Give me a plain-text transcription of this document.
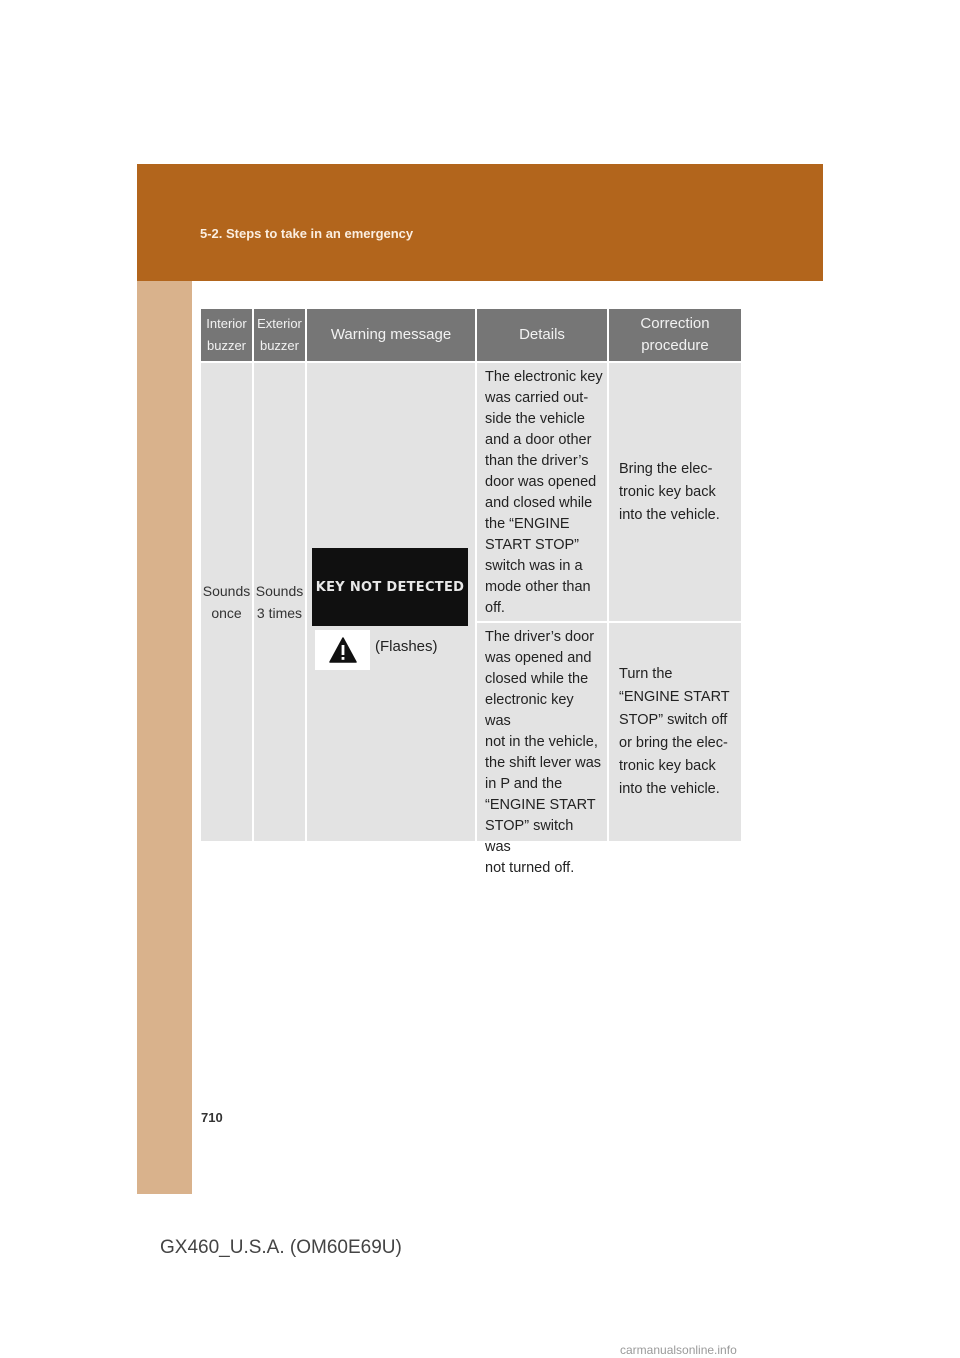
5-2. Steps to take in an emergency
Interior
buzzer
Exterior
buzzer
Warning message	Details
Correction
procedure
Sounds
once
Sounds
3 times
The electronic key
was carried out-
side the vehicle
and a door other
than the driver’s
door was opened
and closed while
the “ENGINE
START STOP”
switch was in a
mode other than
off.
Bring the elec-
tronic key back
into the vehicle.
The driver’s door
was opened and
closed while the
electronic key was
not in the vehicle,
the shift lever was
in P and the
“ENGINE START
STOP” switch was
not turned off.
Turn the
“ENGINE START
STOP” switch off
or bring the elec-
tronic key back
into the vehicle.
KEY NOT DETECTED
(Flashes)
710
GX460_U.S.A. (OM60E69U)
carmanualsonline.info
